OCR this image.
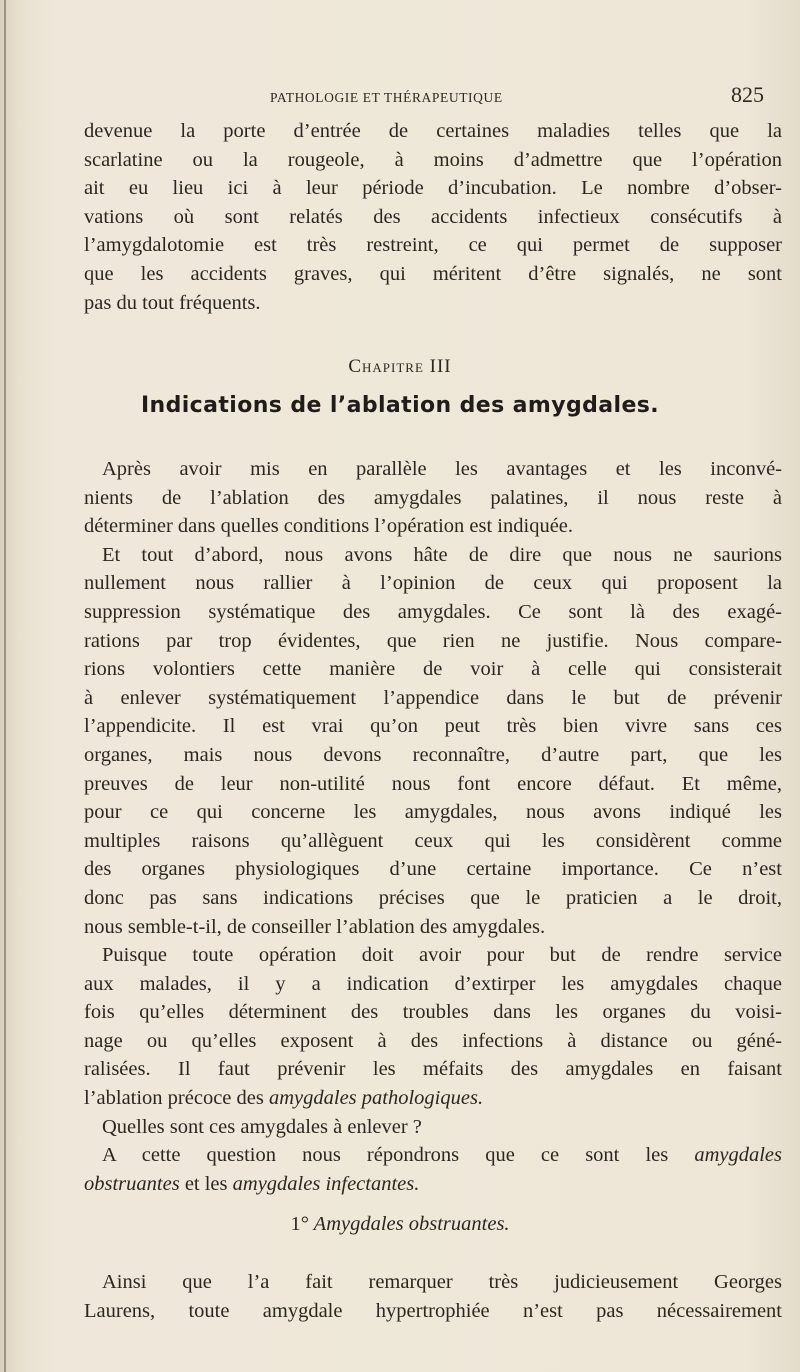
PATHOLOGIE ET THÉRAPEUTIQUE	825
devenue la porte d’entrée de certaines maladies telles que la
scarlatine ou la rougeole, à moins d’admettre que l’opération
ait eu lieu ici à leur période d’incubation. Le nombre d’obser-
vations où sont relatés des accidents infectieux consécutifs à
l’amygdalotomie est très restreint, ce qui permet de supposer
que les accidents graves, qui méritent d’être signalés, ne sont
pas du tout fréquents.
Chapitre III
Indications de l’ablation des amygdales.
Après avoir mis en parallèle les avantages et les inconvé-
nients de l’ablation des amygdales palatines, il nous reste à
déterminer dans quelles conditions l’opération est indiquée.
Et tout d’abord, nous avons hâte de dire que nous ne saurions
nullement nous rallier à l’opinion de ceux qui proposent la
suppression systématique des amygdales. Ce sont là des exagé-
rations par trop évidentes, que rien ne justifie. Nous compare-
rions volontiers cette manière de voir à celle qui consisterait
à enlever systématiquement l’appendice dans le but de prévenir
l’appendicite. Il est vrai qu’on peut très bien vivre sans ces
organes, mais nous devons reconnaître, d’autre part, que les
preuves de leur non-utilité nous font encore défaut. Et même,
pour ce qui concerne les amygdales, nous avons indiqué les
multiples raisons qu’allèguent ceux qui les considèrent comme
des organes physiologiques d’une certaine importance. Ce n’est
donc pas sans indications précises que le praticien a le droit,
nous semble-t-il, de conseiller l’ablation des amygdales.
Puisque toute opération doit avoir pour but de rendre service
aux malades, il y a indication d’extirper les amygdales chaque
fois qu’elles déterminent des troubles dans les organes du voisi-
nage ou qu’elles exposent à des infections à distance ou géné-
ralisées. Il faut prévenir les méfaits des amygdales en faisant
l’ablation précoce des amygdales pathologiques.
Quelles sont ces amygdales à enlever ?
A cette question nous répondrons que ce sont les amygdales
obstruantes et les amygdales infectantes.
1° Amygdales obstruantes.
Ainsi que l’a fait remarquer très judicieusement Georges
Laurens, toute amygdale hypertrophiée n’est pas nécessairement
